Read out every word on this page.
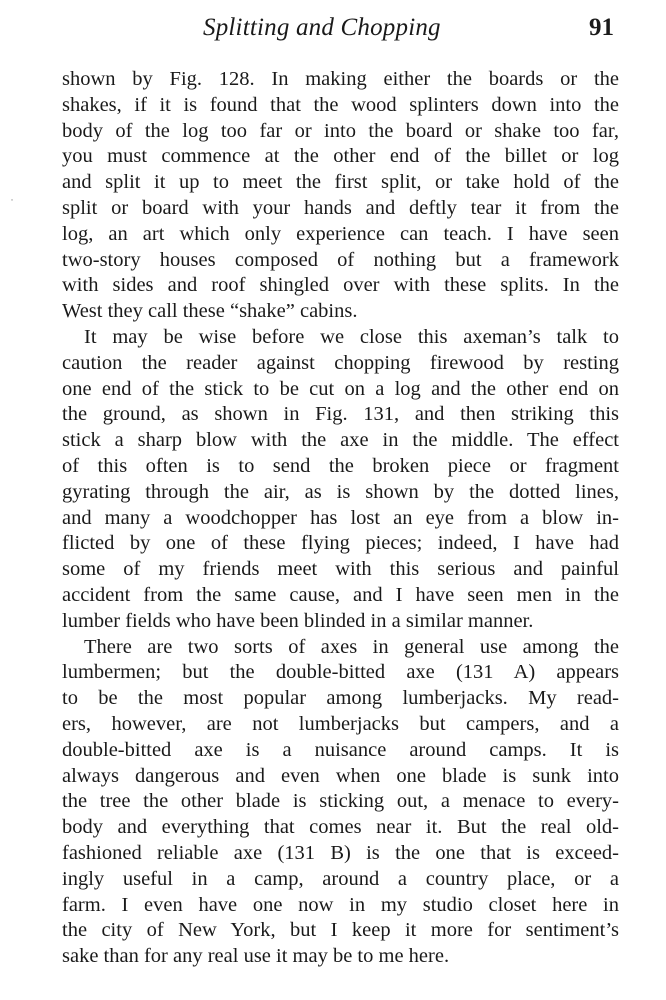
Splitting and Chopping	91
shown by Fig. 128. In making either the boards or the
shakes, if it is found that the wood splinters down into the
body of the log too far or into the board or shake too far,
you must commence at the other end of the billet or log
and split it up to meet the first split, or take hold of the
split or board with your hands and deftly tear it from the
log, an art which only experience can teach. I have seen
two-story houses composed of nothing but a framework
with sides and roof shingled over with these splits. In the
West they call these “shake” cabins.
It may be wise before we close this axeman’s talk to
caution the reader against chopping firewood by resting
one end of the stick to be cut on a log and the other end on
the ground, as shown in Fig. 131, and then striking this
stick a sharp blow with the axe in the middle. The effect
of this often is to send the broken piece or fragment
gyrating through the air, as is shown by the dotted lines,
and many a woodchopper has lost an eye from a blow in-
flicted by one of these flying pieces; indeed, I have had
some of my friends meet with this serious and painful
accident from the same cause, and I have seen men in the
lumber fields who have been blinded in a similar manner.
There are two sorts of axes in general use among the
lumbermen; but the double-bitted axe (131 A) appears
to be the most popular among lumberjacks. My read-
ers, however, are not lumberjacks but campers, and a
double-bitted axe is a nuisance around camps. It is
always dangerous and even when one blade is sunk into
the tree the other blade is sticking out, a menace to every-
body and everything that comes near it. But the real old-
fashioned reliable axe (131 B) is the one that is exceed-
ingly useful in a camp, around a country place, or a
farm. I even have one now in my studio closet here in
the city of New York, but I keep it more for sentiment’s
sake than for any real use it may be to me here.
˙
